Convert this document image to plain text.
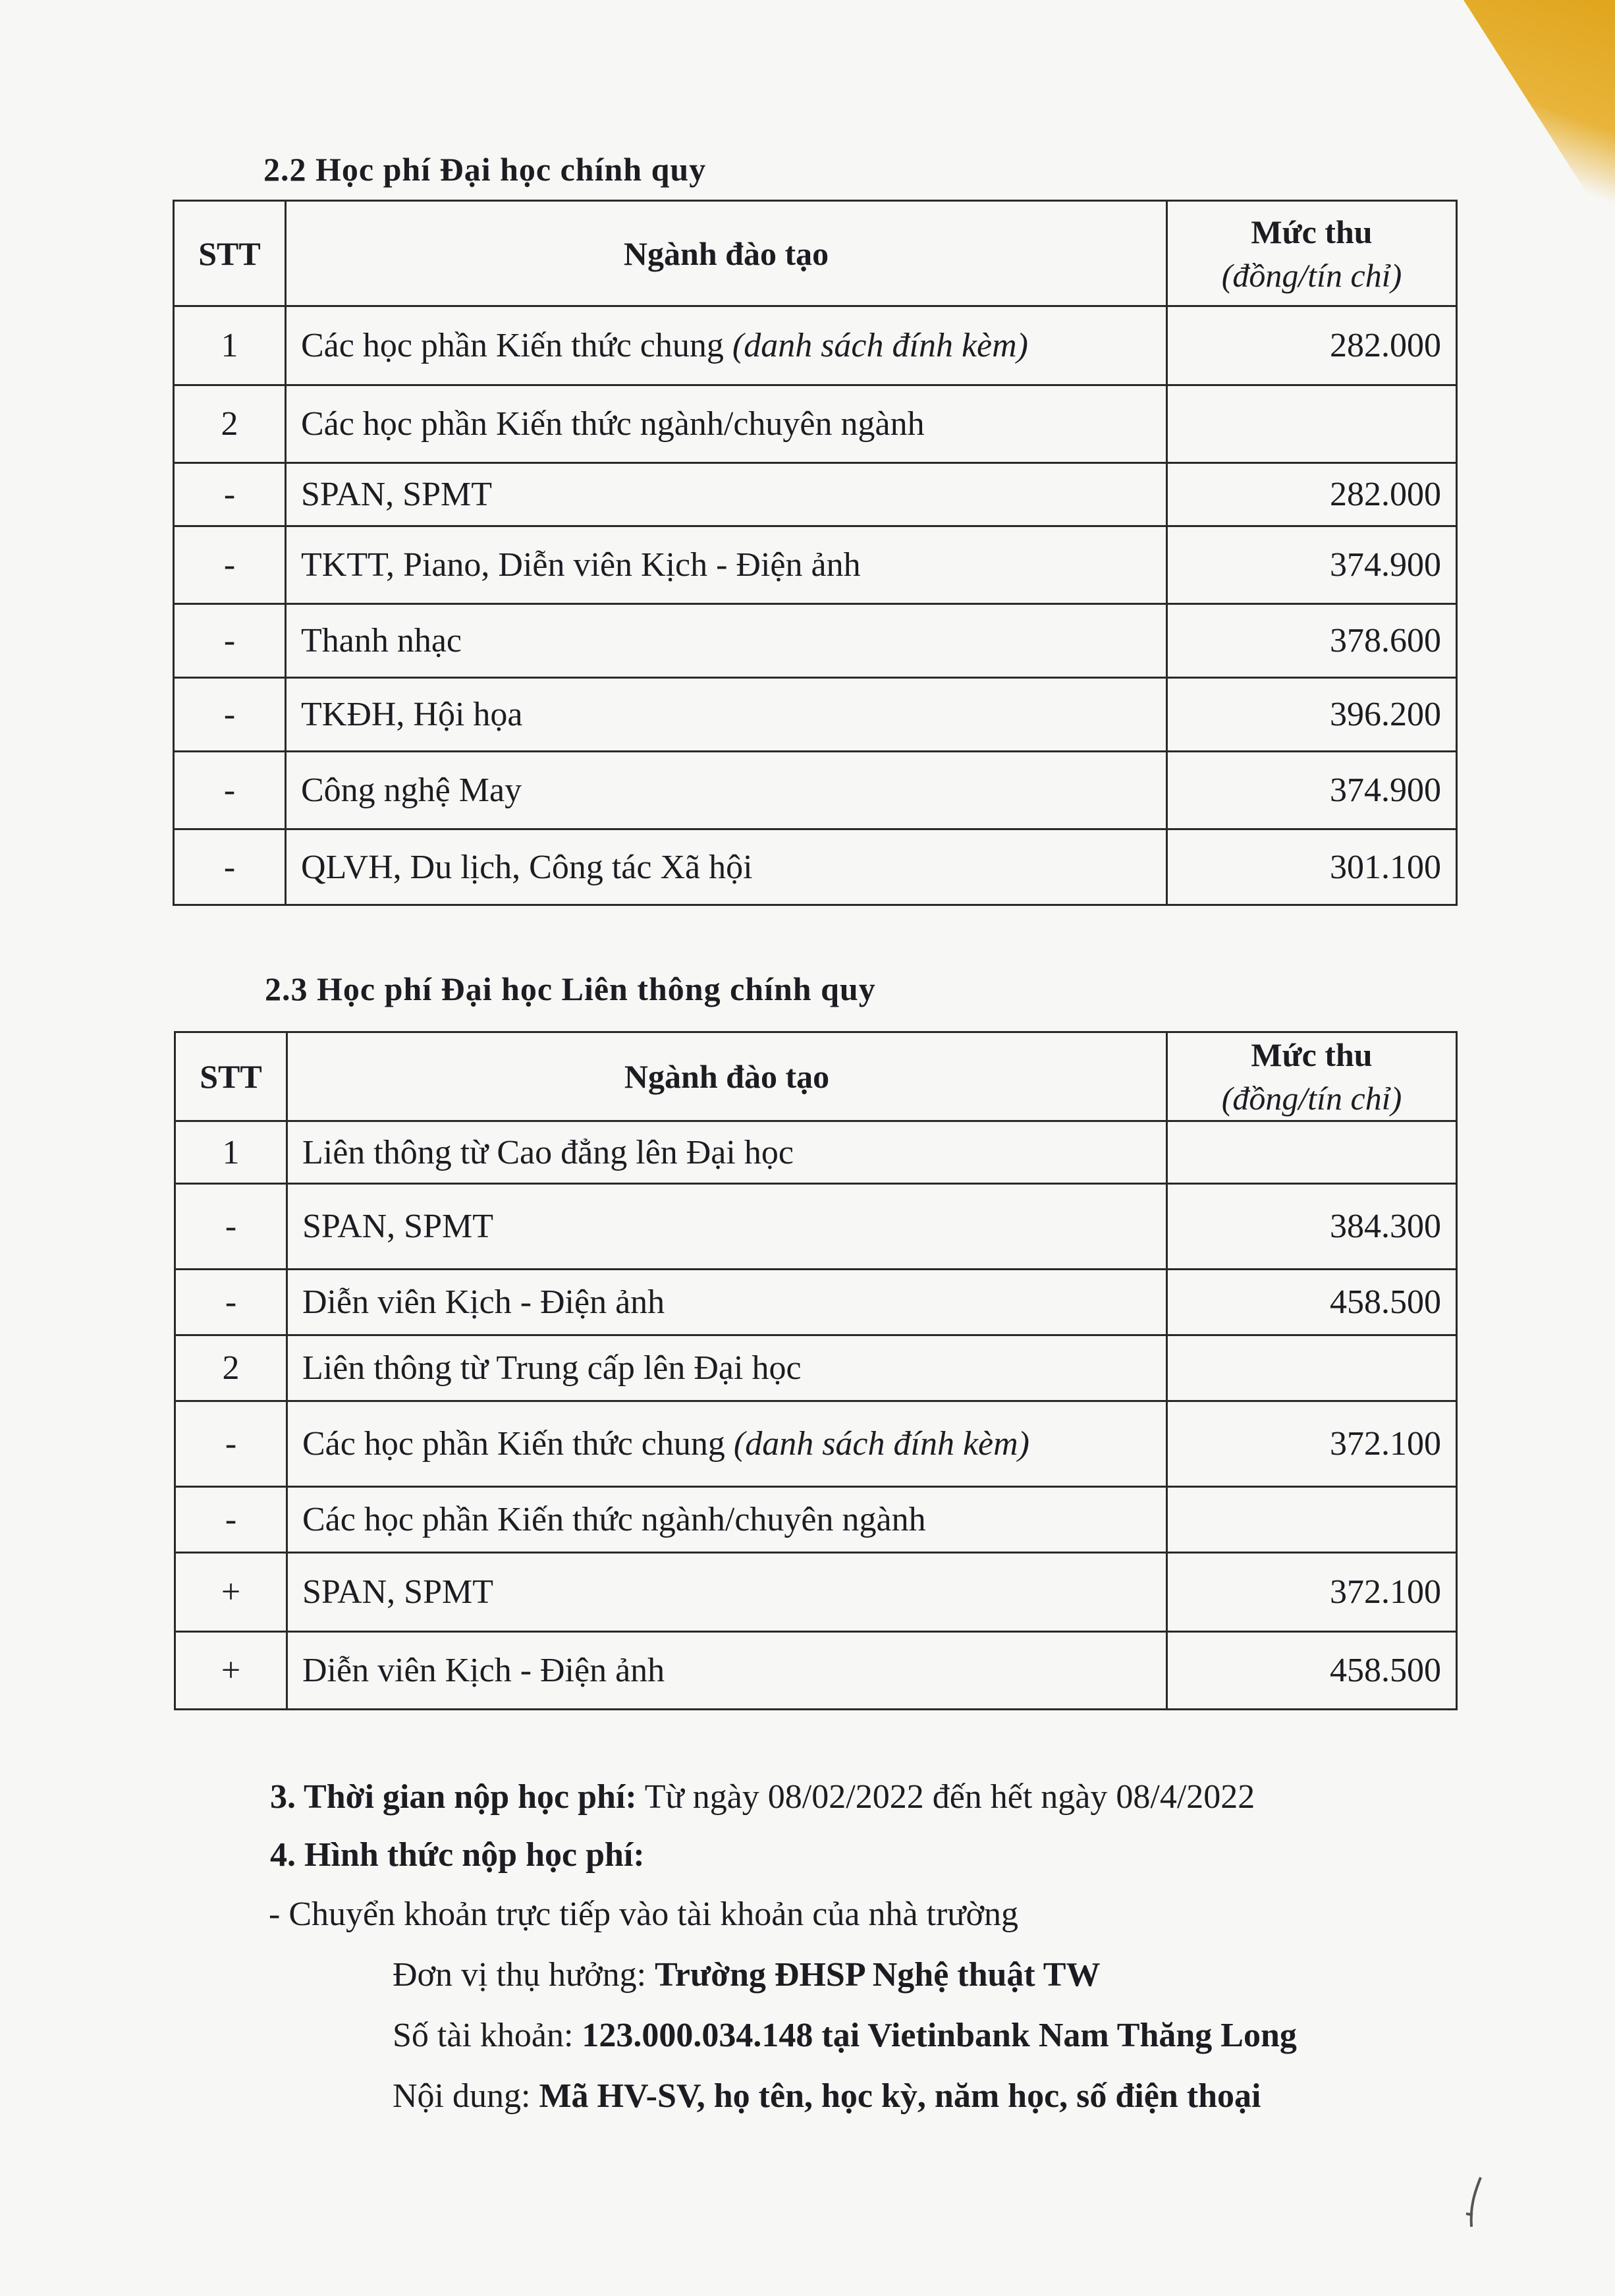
2.2 Học phí Đại học chính quy
STT	Ngành đào tạo	Mức thu
(đồng/tín chỉ)

1	Các học phần Kiến thức chung (danh sách đính kèm)	282.000
2	Các học phần Kiến thức ngành/chuyên ngành	
-	SPAN, SPMT	282.000
-	TKTT, Piano, Diễn viên Kịch - Điện ảnh	374.900
-	Thanh nhạc	378.600
-	TKĐH, Hội họa	396.200
-	Công nghệ May	374.900
-	QLVH, Du lịch, Công tác Xã hội	301.100
2.3 Học phí Đại học Liên thông chính quy
STT	Ngành đào tạo	Mức thu
(đồng/tín chỉ)

1	Liên thông từ Cao đẳng lên Đại học	
-	SPAN, SPMT	384.300
-	Diễn viên Kịch - Điện ảnh	458.500
2	Liên thông từ Trung cấp lên Đại học	
-	Các học phần Kiến thức chung (danh sách đính kèm)	372.100
-	Các học phần Kiến thức ngành/chuyên ngành	
+	SPAN, SPMT	372.100
+	Diễn viên Kịch - Điện ảnh	458.500
3. Thời gian nộp học phí: Từ ngày 08/02/2022 đến hết ngày 08/4/2022
4. Hình thức nộp học phí:
- Chuyển khoản trực tiếp vào tài khoản của nhà trường
Đơn vị thụ hưởng: Trường ĐHSP Nghệ thuật TW
Số tài khoản: 123.000.034.148 tại Vietinbank Nam Thăng Long
Nội dung: Mã HV-SV, họ tên, học kỳ, năm học, số điện thoại
